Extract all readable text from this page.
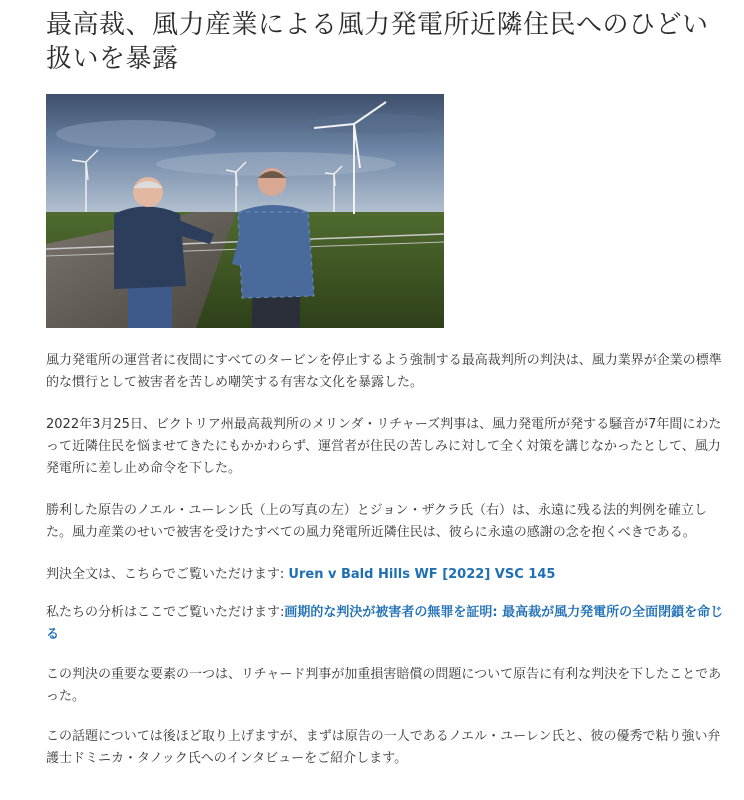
最高裁、風力産業による風力発電所近隣住民へのひどい扱いを暴露

風力発電所の運営者に夜間にすべてのタービンを停止するよう強制する最高裁判所の判決は、風力業界が企業の標準的な慣行として被害者を苦しめ嘲笑する有害な文化を暴露した。

2022年3月25日、ビクトリア州最高裁判所のメリンダ・リチャーズ判事は、風力発電所が発する騒音が7年間にわたって近隣住民を悩ませてきたにもかかわらず、運営者が住民の苦しみに対して全く対策を講じなかったとして、風力発電所に差し止め命令を下した。

勝利した原告のノエル・ユーレン氏（上の写真の左）とジョン・ザクラ氏（右）は、永遠に残る法的判例を確立した。風力産業のせいで被害を受けたすべての風力発電所近隣住民は、彼らに永遠の感謝の念を抱くべきである。

判決全文は、こちらでご覧いただけます: Uren v Bald Hills WF [2022] VSC 145

私たちの分析はここでご覧いただけます:画期的な判決が被害者の無罪を証明: 最高裁が風力発電所の全面閉鎖を命じる

この判決の重要な要素の一つは、リチャード判事が加重損害賠償の問題について原告に有利な判決を下したことであった。

この話題については後ほど取り上げますが、まずは原告の一人であるノエル・ユーレン氏と、彼の優秀で粘り強い弁護士ドミニカ・タノック氏へのインタビューをご紹介します。
